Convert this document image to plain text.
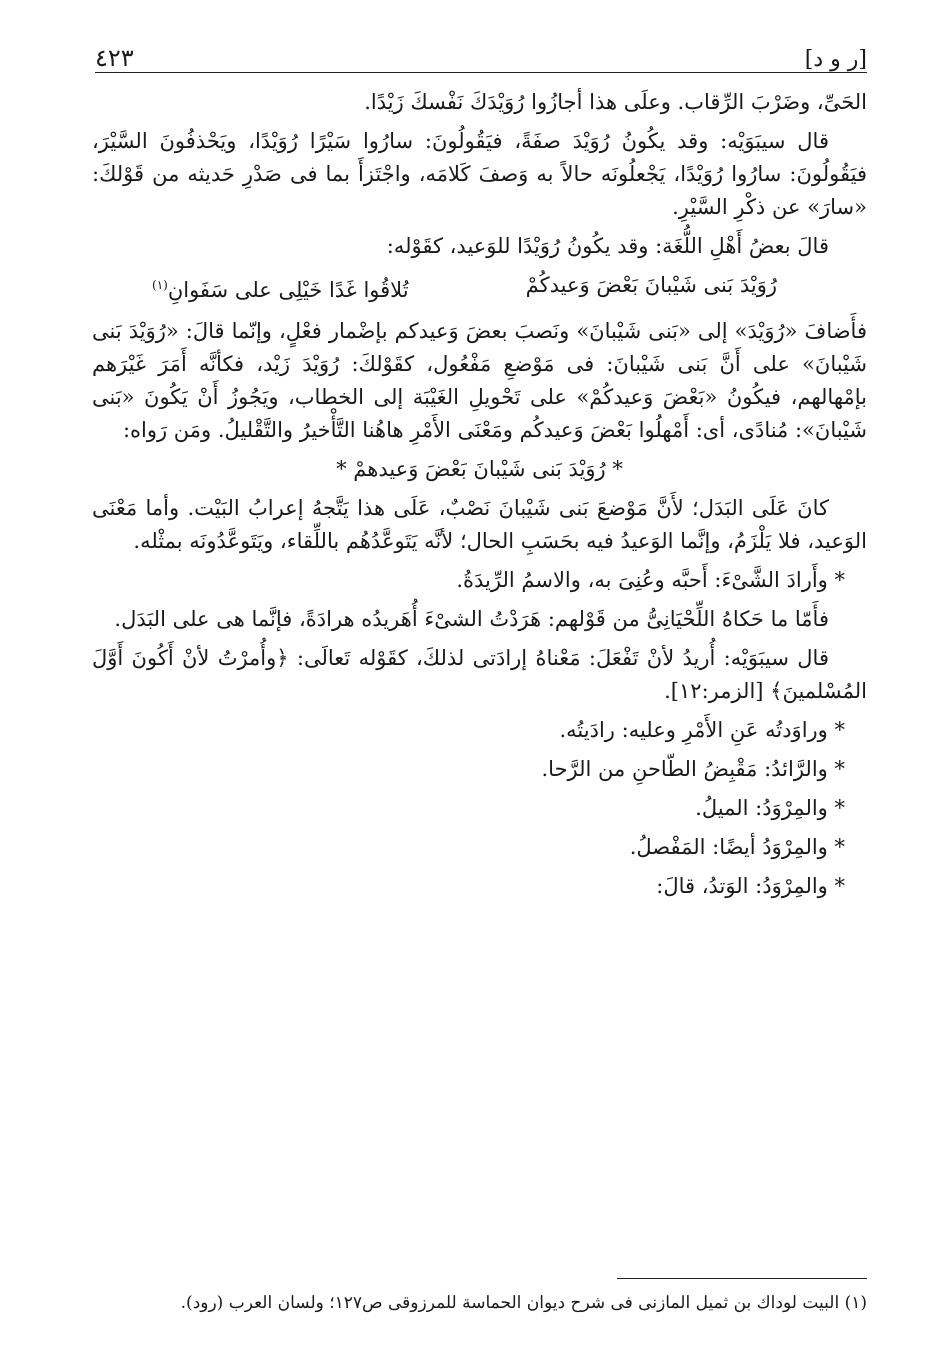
٤٢٣	[ر و د]

الحَىِّ، وضَرْبَ الرِّقاب. وعلَى هذا أجازُوا رُوَيْدَكَ نَفْسكَ زَيْدًا.

قال سيبَوَيْه: وقد يكُونُ رُوَيْدَ صفَةً، فيَقُولُونَ: سارُوا سَيْرًا رُوَيْدًا، ويَحْذفُونَ السَّيْرَ، فيَقُولُونَ: سارُوا رُوَيْدًا، يَجْعلُونَه حالاً به وَصفَ كَلامَه، واجْتَزأَ بما فى صَدْرِ حَديثه من قَوْلكَ: «سارَ» عن ذكْرِ السَّيْرِ.

قالَ بعضُ أَهْلِ اللُّغَة: وقد يكُونُ رُوَيْدًا للوَعيد، كقَوْله:

رُوَيْدَ بَنى شَيْبانَ بَعْضَ وَعيدكُمْ
تُلاقُوا غَدًا خَيْلِى على سَفَوانِ$^{(١)}$

فأَضافَ «رُوَيْدَ» إلى «بَنى شَيْبانَ» ونَصبَ بعضَ وَعيدكم بإضْمار فعْلٍ، وإنّما قالَ: «رُوَيْدَ بَنى شَيْبانَ» على أَنَّ بَنى شَيْبانَ: فى مَوْضعِ مَفْعُول، كقَوْلكَ: رُوَيْدَ زَيْد، فكأنَّه أَمَرَ غَيْرَهم بإمْهالهم، فيكُونُ «بَعْضَ وَعيدكُمْ» على تَحْويلِ الغَيْبَة إلى الخطاب، ويَجُوزُ أَنْ يَكُونَ «بَنى شَيْبانَ»: مُنادًى، أى: أَمْهلُوا بَعْضَ وَعيدكُم ومَعْنَى الأَمْرِ هاهُنا التَّأْخيرُ والتَّقْليلُ. ومَن رَواه:

* رُوَيْدَ بَنى شَيْبانَ بَعْضَ وَعيدهمْ *

كانَ عَلَى البَدَل؛ لأَنَّ مَوْضعَ بَنى شَيْبانَ نَصْبٌ، عَلَى هذا يَتَّجهُ إعرابُ البَيْت. وأما مَعْنَى الوَعيد، فلا يَلْزَمُ، وإنَّما الوَعيدُ فيه بحَسَبِ الحال؛ لأنَّه يَتَوعَّدُهُم باللِّقاء، ويَتَوعَّدُونَه بمثْله.

* وأَرادَ الشَّىْءَ: أَحبَّه وعُنِىَ به، والاسمُ الرِّيدَةُ.

فأَمّا ما حَكاهُ اللِّحْيَانِىُّ من قَوْلهم: هَرَدْتُ الشىْءَ أُهَريدُه هرادَةً، فإنَّما هى على البَدَل.

قال سيبَوَيْه: أُريدُ لأنْ تَفْعَلَ: مَعْناهُ إرادَتى لذلكَ، كقَوْله تَعالَى: ﴿وأُمرْتُ لأنْ أَكُونَ أَوَّلَ المُسْلمينَ﴾ [الزمر:١٢].

* وراوَدتُه عَنِ الأَمْرِ وعليه: رادَيتُه.

* والرَّائدُ: مَقْبِضُ الطّاحنِ من الرَّحا.

* والمِرْوَدُ: الميلُ.

* والمِرْوَدُ أيضًا: المَفْصلُ.

* والمِرْوَدُ: الوَتدُ، قالَ:

(١) البيت لوداك بن ثميل المازنى فى شرح ديوان الحماسة للمرزوقى ص١٢٧؛ ولسان العرب (رود).
